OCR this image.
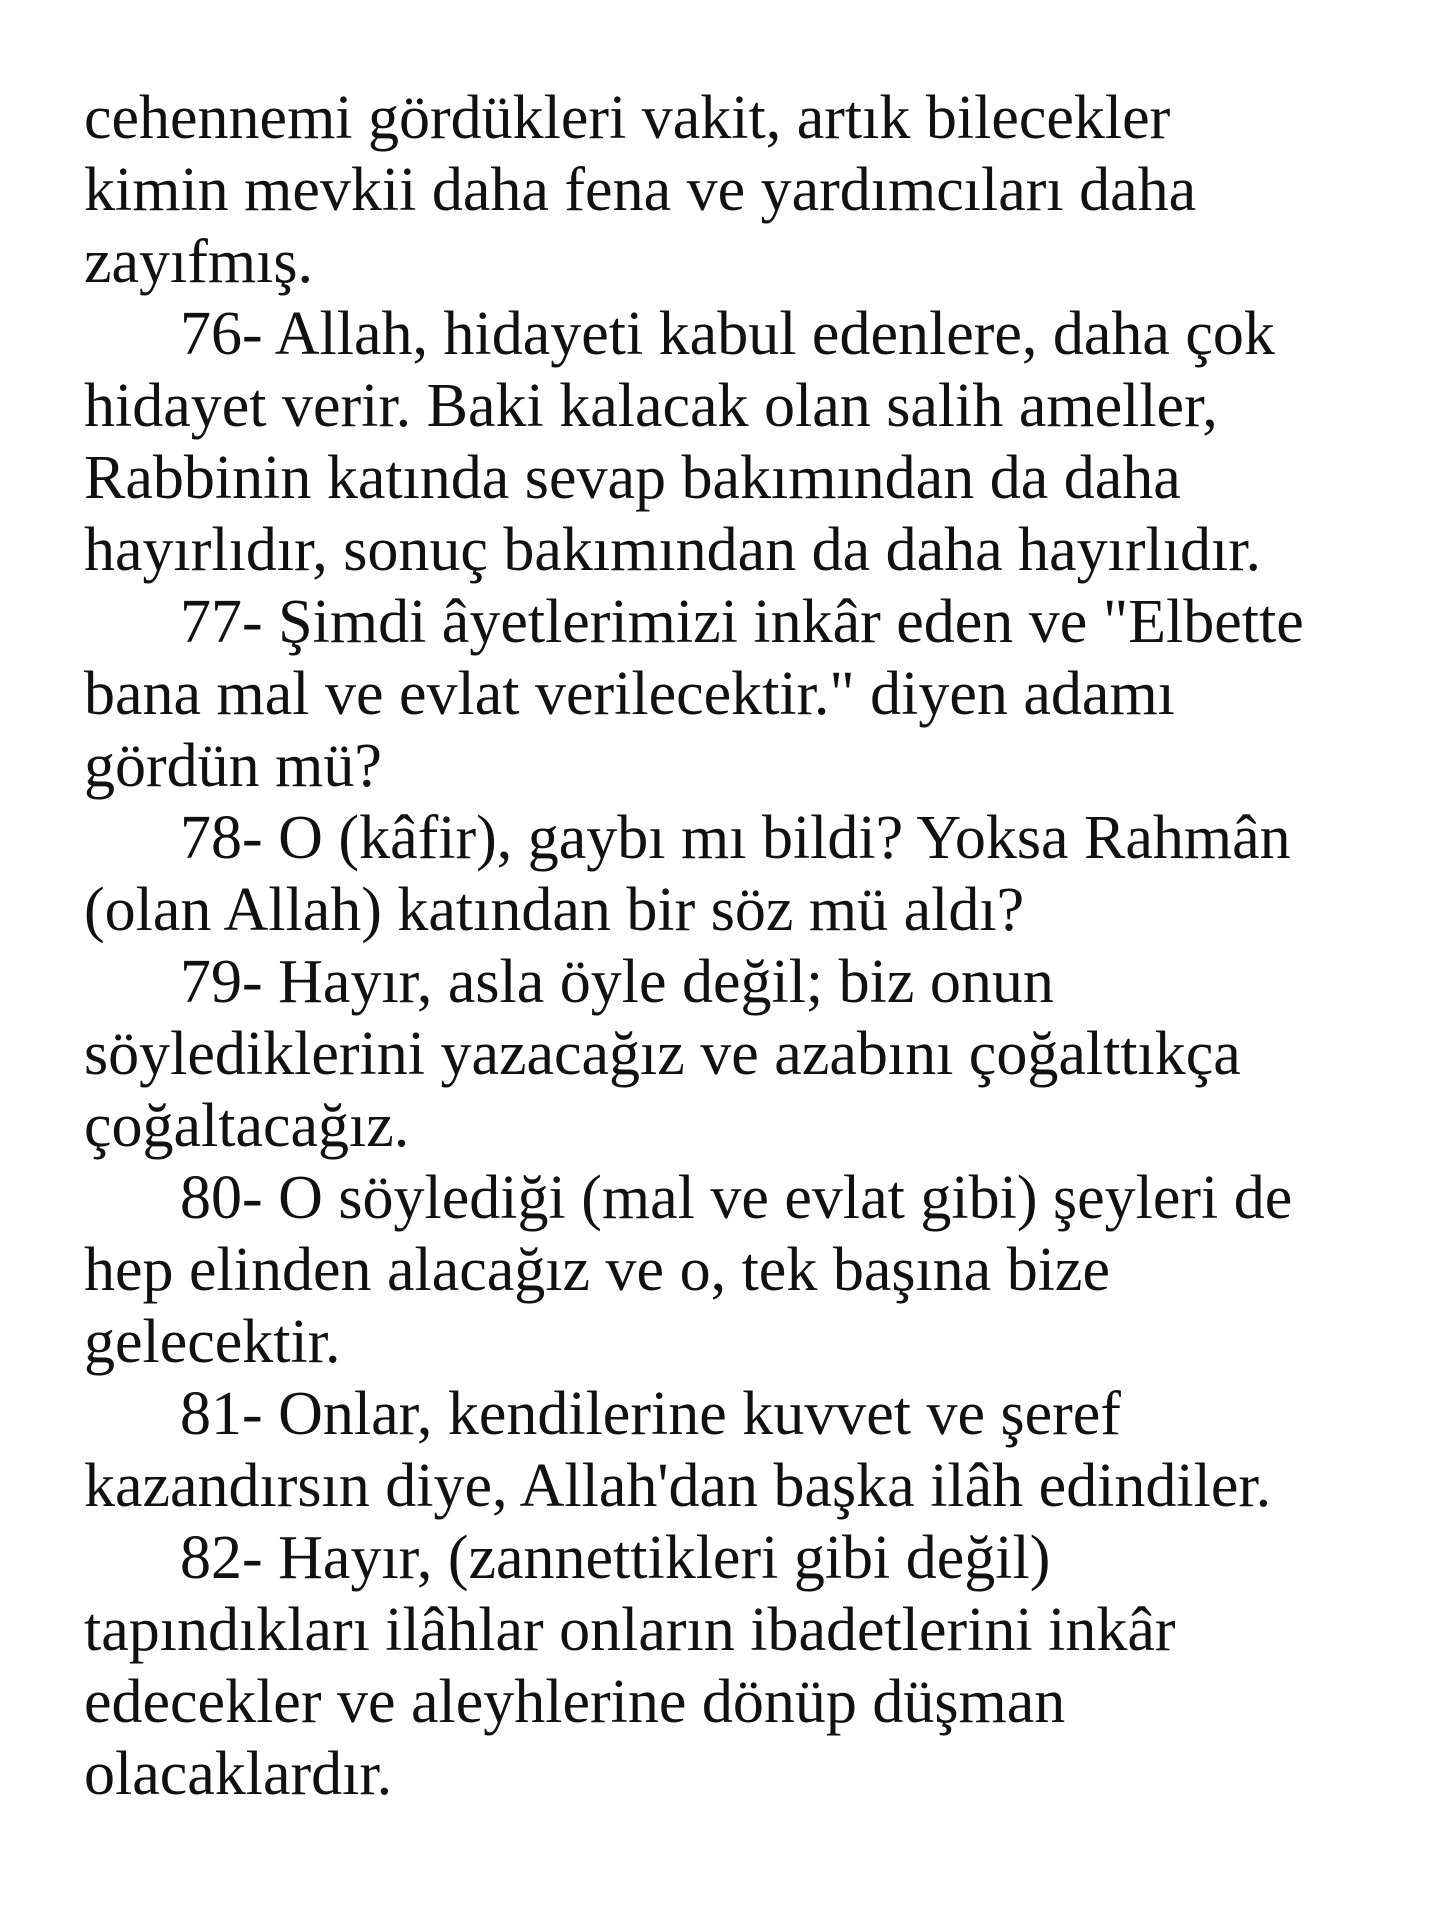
cehennemi gördükleri vakit, artık bilecekler
kimin mevkii daha fena ve yardımcıları daha
zayıfmış.
76- Allah, hidayeti kabul edenlere, daha çok
hidayet verir. Baki kalacak olan salih ameller,
Rabbinin katında sevap bakımından da daha
hayırlıdır, sonuç bakımından da daha hayırlıdır.
77- Şimdi âyetlerimizi inkâr eden ve "Elbette
bana mal ve evlat verilecektir." diyen adamı
gördün mü?
78- O (kâfir), gaybı mı bildi? Yoksa Rahmân
(olan Allah) katından bir söz mü aldı?
79- Hayır, asla öyle değil; biz onun
söylediklerini yazacağız ve azabını çoğalttıkça
çoğaltacağız.
80- O söylediği (mal ve evlat gibi) şeyleri de
hep elinden alacağız ve o, tek başına bize
gelecektir.
81- Onlar, kendilerine kuvvet ve şeref
kazandırsın diye, Allah'dan başka ilâh edindiler.
82- Hayır, (zannettikleri gibi değil)
tapındıkları ilâhlar onların ibadetlerini inkâr
edecekler ve aleyhlerine dönüp düşman
olacaklardır.
